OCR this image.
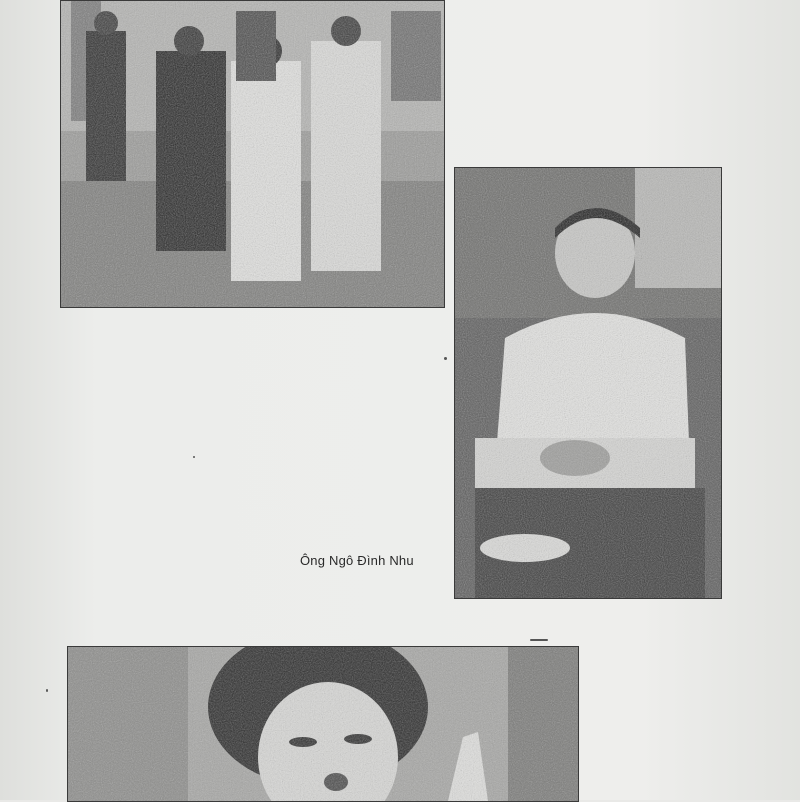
Ông Ngô Đình Nhu
